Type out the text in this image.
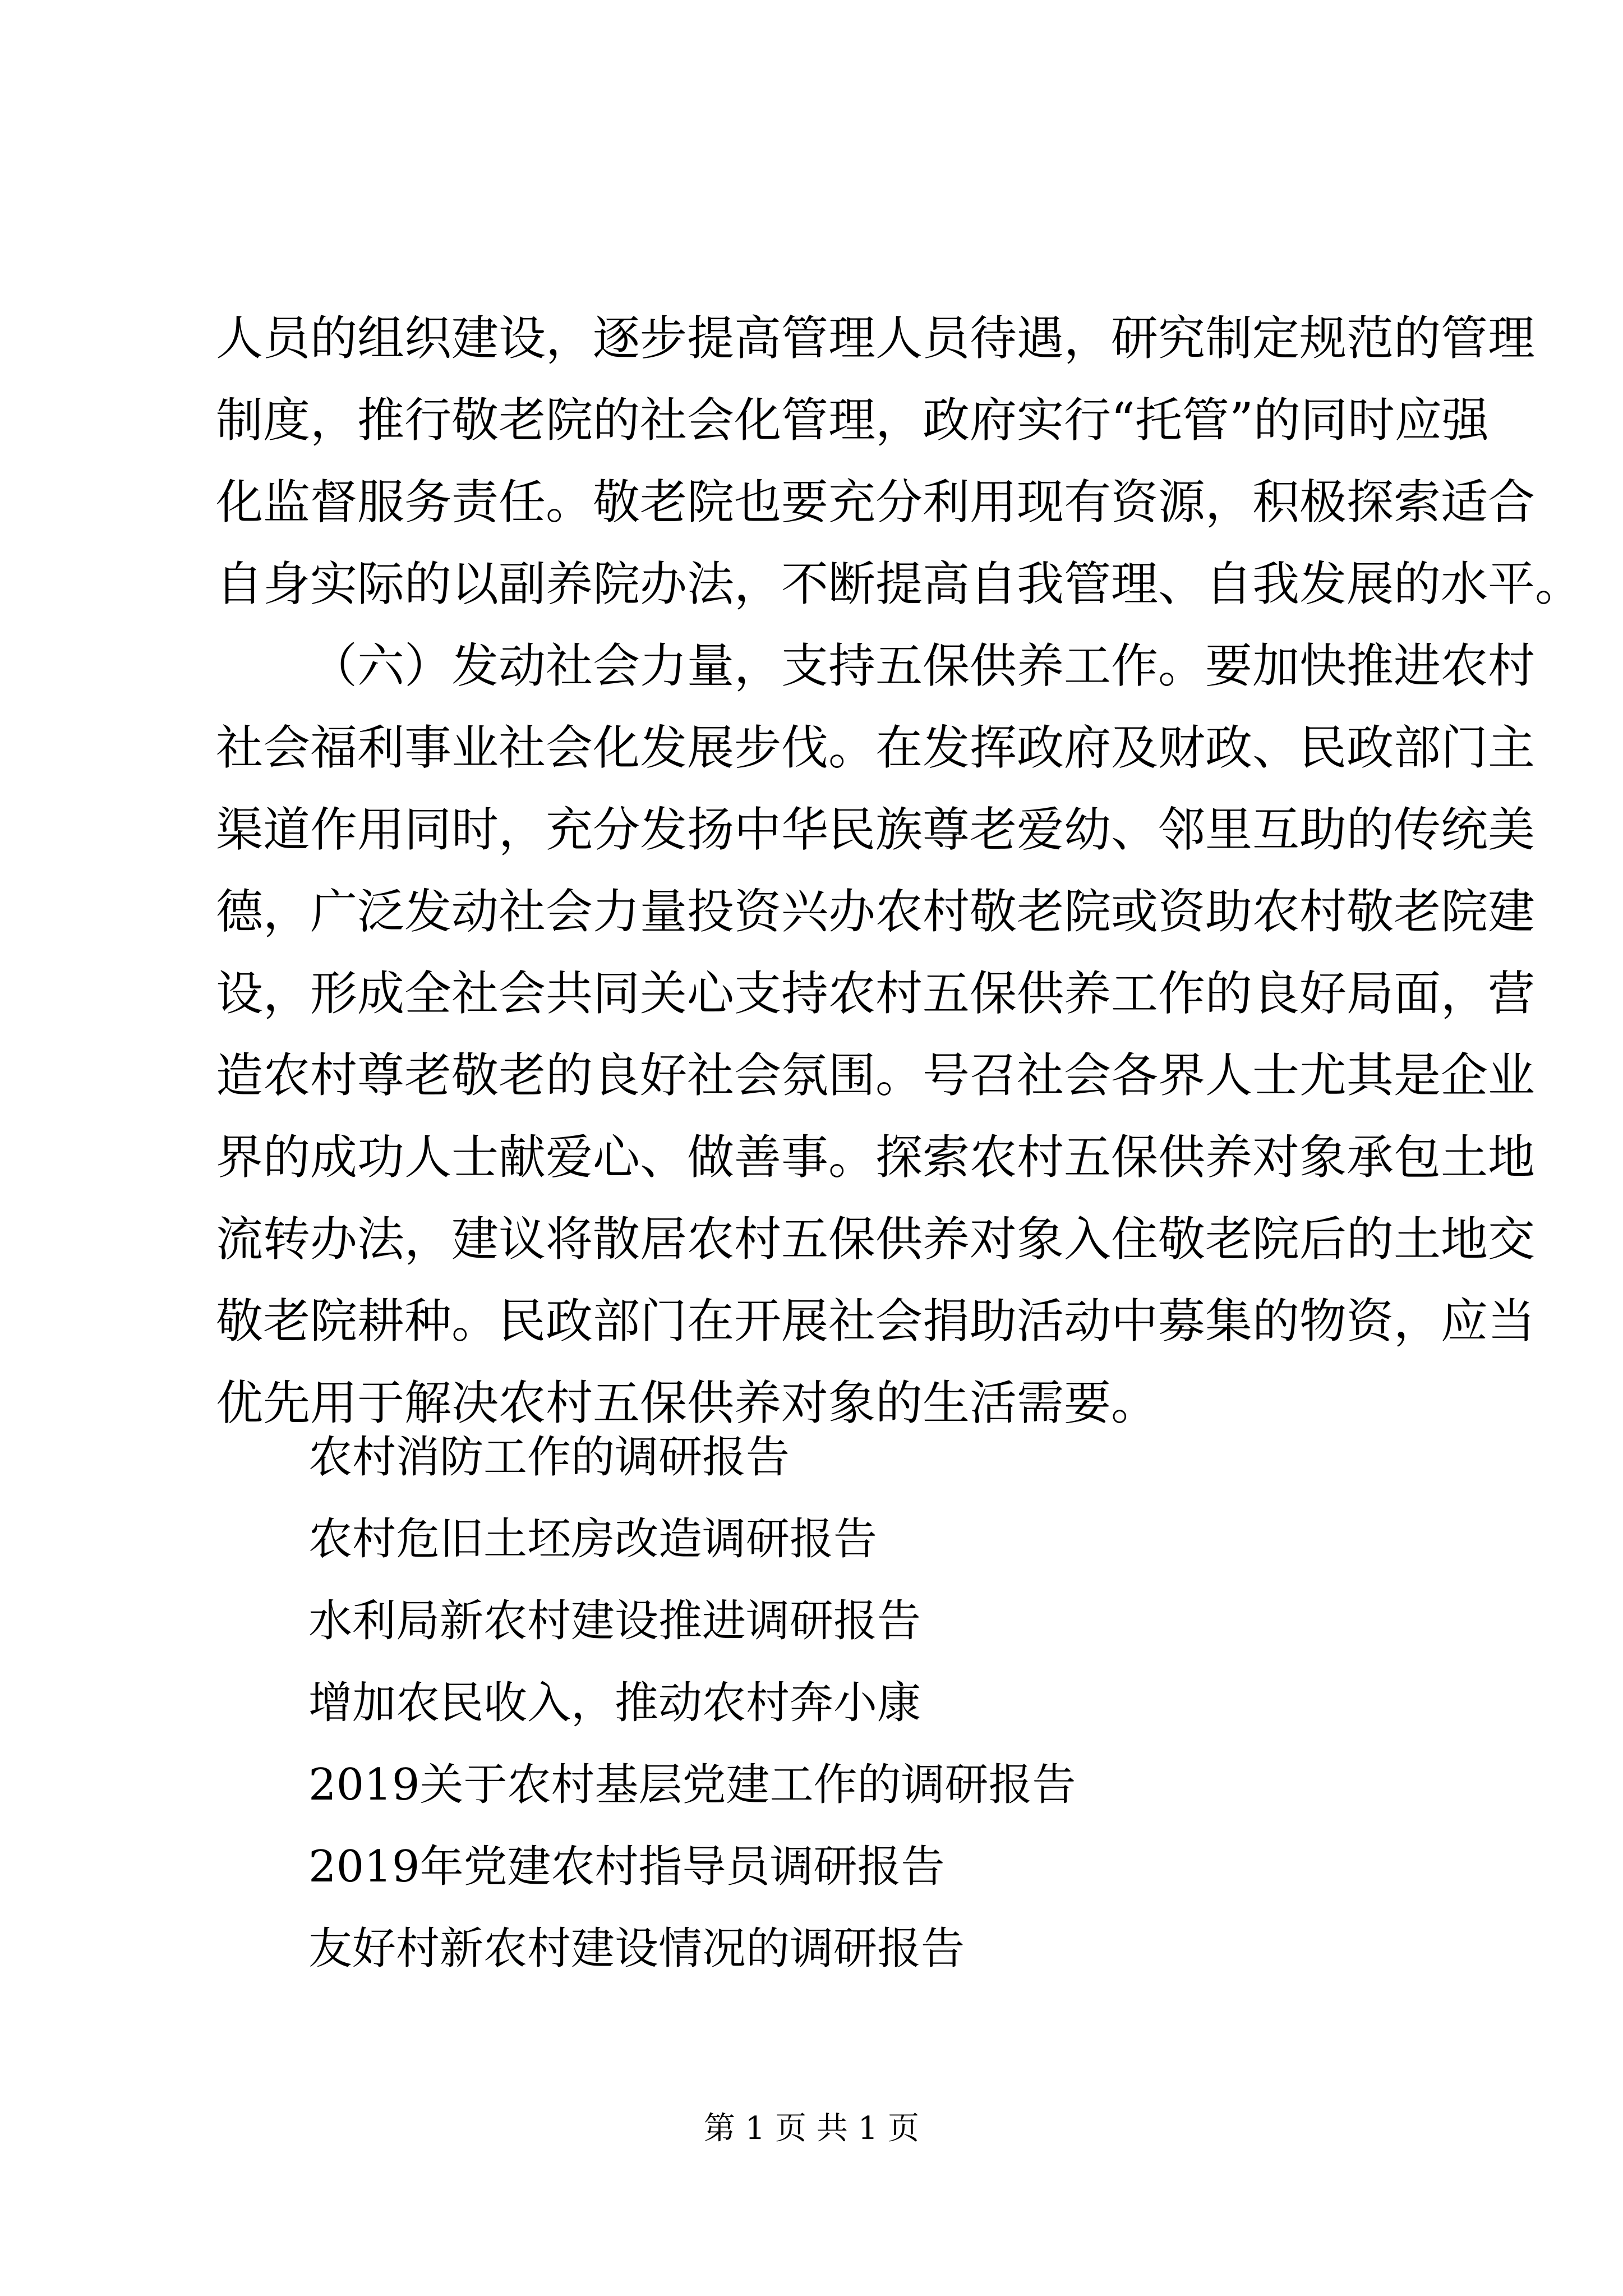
人员的组织建设，逐步提高管理人员待遇，研究制定规范的管理
制度，推行敬老院的社会化管理，政府实行“托管”的同时应强
化监督服务责任。敬老院也要充分利用现有资源，积极探索适合
自身实际的以副养院办法，不断提高自我管理、自我发展的水平。
（六）发动社会力量，支持五保供养工作。要加快推进农村
社会福利事业社会化发展步伐。在发挥政府及财政、民政部门主
渠道作用同时，充分发扬中华民族尊老爱幼、邻里互助的传统美
德，广泛发动社会力量投资兴办农村敬老院或资助农村敬老院建
设，形成全社会共同关心支持农村五保供养工作的良好局面，营
造农村尊老敬老的良好社会氛围。号召社会各界人士尤其是企业
界的成功人士献爱心、做善事。探索农村五保供养对象承包土地
流转办法，建议将散居农村五保供养对象入住敬老院后的土地交
敬老院耕种。民政部门在开展社会捐助活动中募集的物资，应当
优先用于解决农村五保供养对象的生活需要。
农村消防工作的调研报告
农村危旧土坯房改造调研报告
水利局新农村建设推进调研报告
增加农民收入，推动农村奔小康
2019关于农村基层党建工作的调研报告
2019年党建农村指导员调研报告
友好村新农村建设情况的调研报告
第 1 页 共 1 页
